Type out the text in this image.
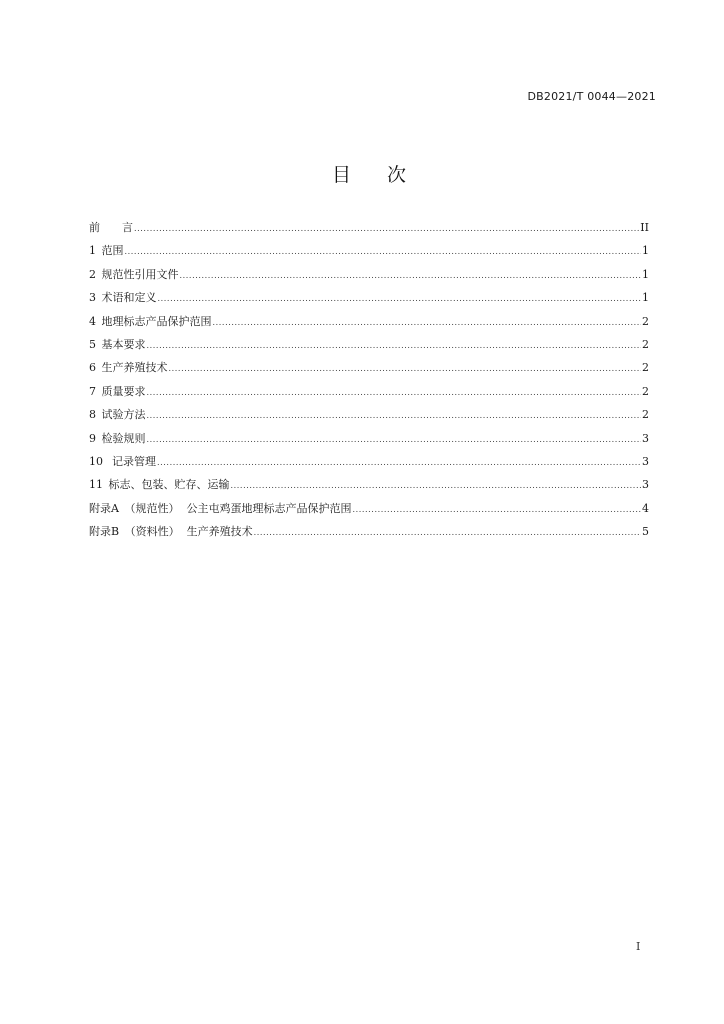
DB2021/T 0044—2021
目 次
前　　 言 .....	II
1  范围 .....	1
2  规范性引用文件 .....	1
3  术语和定义 .....	1
4  地理标志产品保护范围 .....	2
5  基本要求 .....	2
6  生产养殖技术 .....	2
7  质量要求 .....	2
8  试验方法 .....	2
9  检验规则 .....	3
10  记录管理 .....	3
11  标志、包装、贮存、运输 .....	3
附录A  （规范性）  公主屯鸡蛋地理标志产品保护范围 .....	4
附录B  （资料性）  生产养殖技术 .....	5
I
